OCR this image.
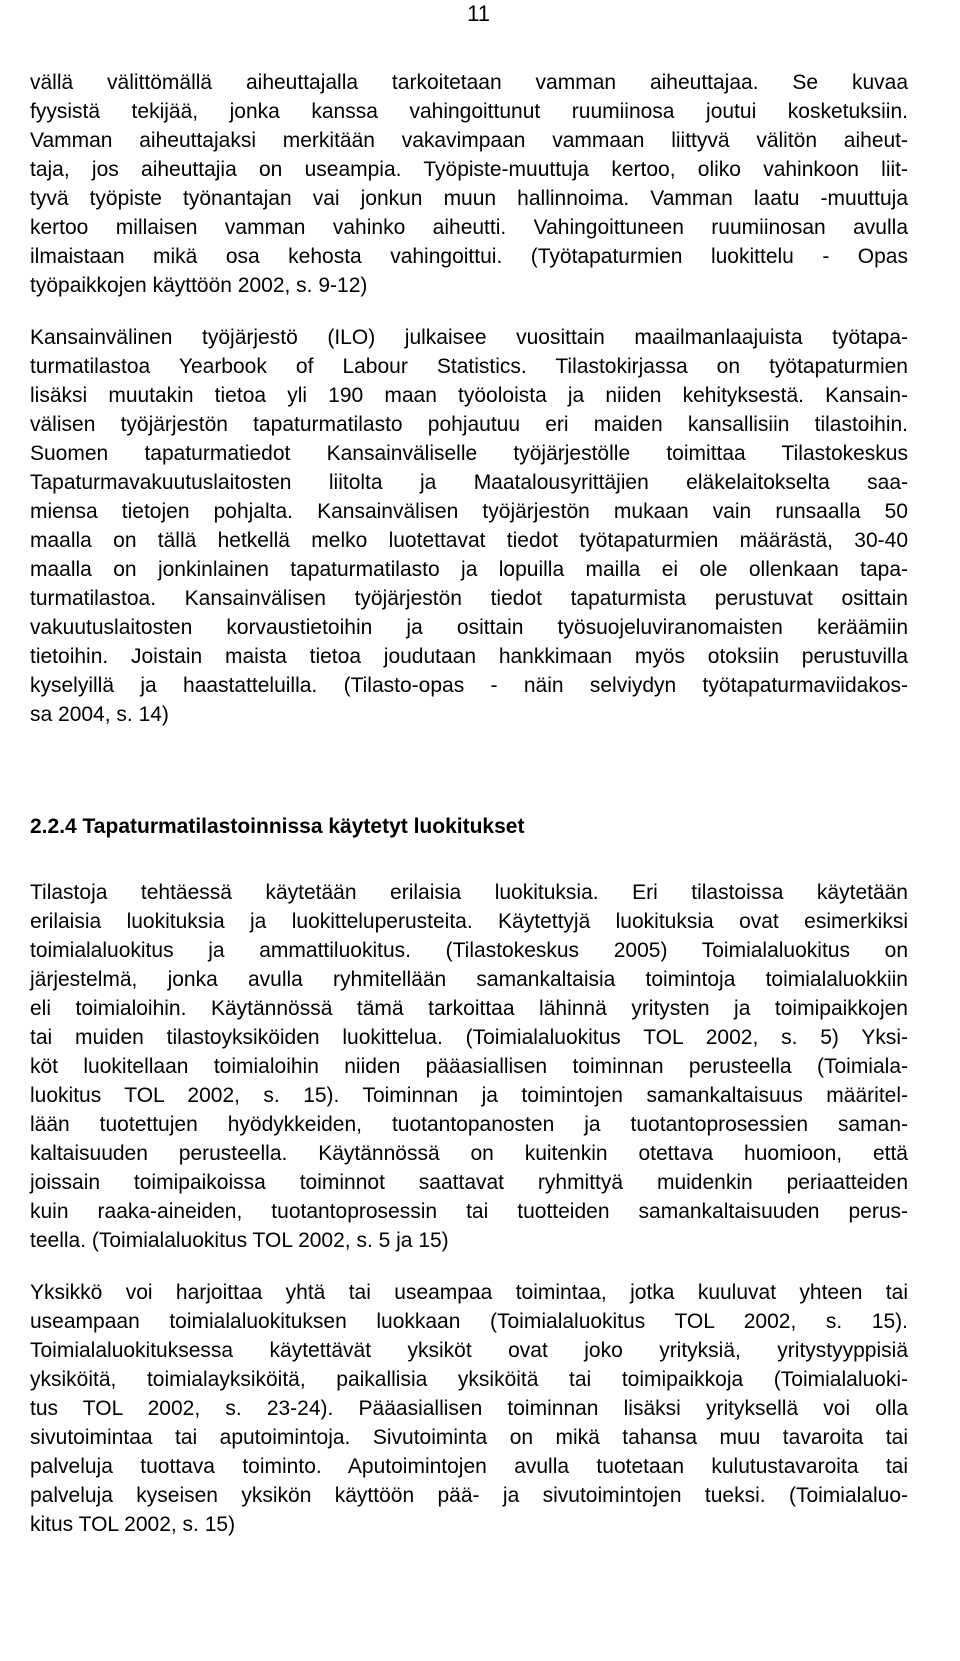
11
vällä välittömällä aiheuttajalla tarkoitetaan vamman aiheuttajaa. Se kuvaa
fyysistä tekijää, jonka kanssa vahingoittunut ruumiinosa joutui kosketuksiin.
Vamman aiheuttajaksi merkitään vakavimpaan vammaan liittyvä välitön aiheut-
taja, jos aiheuttajia on useampia. Työpiste-muuttuja kertoo, oliko vahinkoon liit-
tyvä työpiste työnantajan vai jonkun muun hallinnoima. Vamman laatu -muuttuja
kertoo millaisen vamman vahinko aiheutti. Vahingoittuneen ruumiinosan avulla
ilmaistaan mikä osa kehosta vahingoittui. (Työtapaturmien luokittelu - Opas
työpaikkojen käyttöön 2002, s. 9-12)
Kansainvälinen työjärjestö (ILO) julkaisee vuosittain maailmanlaajuista työtapa-
turmatilastoa Yearbook of Labour Statistics. Tilastokirjassa on työtapaturmien
lisäksi muutakin tietoa yli 190 maan työoloista ja niiden kehityksestä. Kansain-
välisen työjärjestön tapaturmatilasto pohjautuu eri maiden kansallisiin tilastoihin.
Suomen tapaturmatiedot Kansainväliselle työjärjestölle toimittaa Tilastokeskus
Tapaturmavakuutuslaitosten liitolta ja Maatalousyrittäjien eläkelaitokselta saa-
miensa tietojen pohjalta. Kansainvälisen työjärjestön mukaan vain runsaalla 50
maalla on tällä hetkellä melko luotettavat tiedot työtapaturmien määrästä, 30-40
maalla on jonkinlainen tapaturmatilasto ja lopuilla mailla ei ole ollenkaan tapa-
turmatilastoa. Kansainvälisen työjärjestön tiedot tapaturmista perustuvat osittain
vakuutuslaitosten korvaustietoihin ja osittain työsuojeluviranomaisten keräämiin
tietoihin. Joistain maista tietoa joudutaan hankkimaan myös otoksiin perustuvilla
kyselyillä ja haastatteluilla. (Tilasto-opas - näin selviydyn työtapaturmaviidakos-
sa 2004, s. 14)
2.2.4 Tapaturmatilastoinnissa käytetyt luokitukset
Tilastoja tehtäessä käytetään erilaisia luokituksia. Eri tilastoissa käytetään
erilaisia luokituksia ja luokitteluperusteita. Käytettyjä luokituksia ovat esimerkiksi
toimialaluokitus ja ammattiluokitus. (Tilastokeskus 2005) Toimialaluokitus on
järjestelmä, jonka avulla ryhmitellään samankaltaisia toimintoja toimialaluokkiin
eli toimialoihin. Käytännössä tämä tarkoittaa lähinnä yritysten ja toimipaikkojen
tai muiden tilastoyksiköiden luokittelua. (Toimialaluokitus TOL 2002, s. 5) Yksi-
köt luokitellaan toimialoihin niiden pääasiallisen toiminnan perusteella (Toimiala-
luokitus TOL 2002, s. 15). Toiminnan ja toimintojen samankaltaisuus määritel-
lään tuotettujen hyödykkeiden, tuotantopanosten ja tuotantoprosessien saman-
kaltaisuuden perusteella. Käytännössä on kuitenkin otettava huomioon, että
joissain toimipaikoissa toiminnot saattavat ryhmittyä muidenkin periaatteiden
kuin raaka-aineiden, tuotantoprosessin tai tuotteiden samankaltaisuuden perus-
teella. (Toimialaluokitus TOL 2002, s. 5 ja 15)
Yksikkö voi harjoittaa yhtä tai useampaa toimintaa, jotka kuuluvat yhteen tai
useampaan toimialaluokituksen luokkaan (Toimialaluokitus TOL 2002, s. 15).
Toimialaluokituksessa käytettävät yksiköt ovat joko yrityksiä, yritystyyppisiä
yksiköitä, toimialayksiköitä, paikallisia yksiköitä tai toimipaikkoja (Toimialaluoki-
tus TOL 2002, s. 23-24). Pääasiallisen toiminnan lisäksi yrityksellä voi olla
sivutoimintaa tai aputoimintoja. Sivutoiminta on mikä tahansa muu tavaroita tai
palveluja tuottava toiminto. Aputoimintojen avulla tuotetaan kulutustavaroita tai
palveluja kyseisen yksikön käyttöön pää- ja sivutoimintojen tueksi. (Toimialaluo-
kitus TOL 2002, s. 15)
